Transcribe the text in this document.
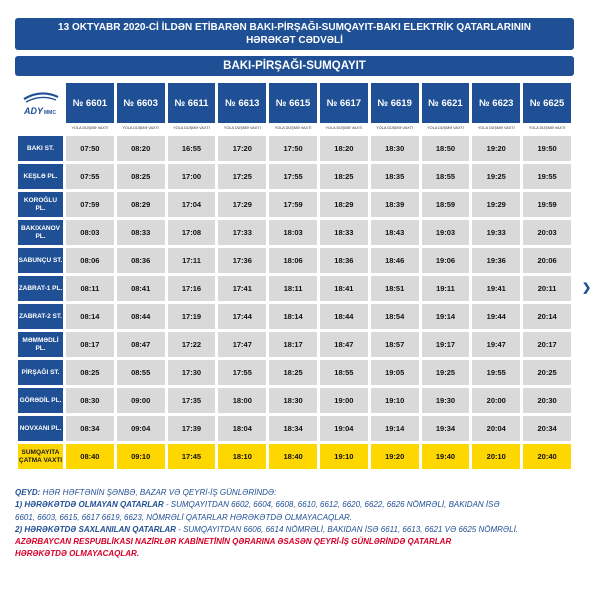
13 OKTYABR 2020-Cİ İLDƏN ETİBARƏN BAKI-PİRŞAĞI-SUMQAYIT-BAKI ELEKTRİK QATARLARININ
HƏRƏKƏT CƏDVƏLİ
BAKI-PİRŞAĞI-SUMQAYIT
ADY MMC	№ 6601	№ 6603	№ 6611	№ 6613	№ 6615	№ 6617	№ 6619	№ 6621	№ 6623	№ 6625
	YOLA DÜŞMƏ VAXTI	YOLA DÜŞMƏ VAXTI	YOLA DÜŞMƏ VAXTI	YOLA DÜŞMƏ VAXTI	YOLA DÜŞMƏ VAXTI	YOLA DÜŞMƏ VAXTI	YOLA DÜŞMƏ VAXTI	YOLA DÜŞMƏ VAXTI	YOLA DÜŞMƏ VAXTI	YOLA DÜŞMƏ VAXTI

BAKI ST.	07:50	08:20	16:55	17:20	17:50	18:20	18:30	18:50	19:20	19:50

KEŞLƏ PL.	07:55	08:25	17:00	17:25	17:55	18:25	18:35	18:55	19:25	19:55

KOROĞLU PL.	07:59	08:29	17:04	17:29	17:59	18:29	18:39	18:59	19:29	19:59

BAKIXANOV PL.	08:03	08:33	17:08	17:33	18:03	18:33	18:43	19:03	19:33	20:03

SABUNÇU ST.	08:06	08:36	17:11	17:36	18:06	18:36	18:46	19:06	19:36	20:06

ZABRAT-1 PL.	08:11	08:41	17:16	17:41	18:11	18:41	18:51	19:11	19:41	20:11

ZABRAT-2 ST.	08:14	08:44	17:19	17:44	18:14	18:44	18:54	19:14	19:44	20:14

MƏMMƏDLİ PL.	08:17	08:47	17:22	17:47	18:17	18:47	18:57	19:17	19:47	20:17

PİRŞAĞI ST.	08:25	08:55	17:30	17:55	18:25	18:55	19:05	19:25	19:55	20:25

GÖRƏDİL PL.	08:30	09:00	17:35	18:00	18:30	19:00	19:10	19:30	20:00	20:30

NOVXANI PL.	08:34	09:04	17:39	18:04	18:34	19:04	19:14	19:34	20:04	20:34

SUMQAYITA ÇATMA VAXTI	08:40	09:10	17:45	18:10	18:40	19:10	19:20	19:40	20:10	20:40
QEYD: HƏR HƏFTƏNİN ŞƏNBƏ, BAZAR VƏ QEYRİ-İŞ GÜNLƏRİNDƏ:
1) HƏRƏKƏTDƏ OLMAYAN QATARLAR - SUMQAYITDAN 6602, 6604, 6608, 6610, 6612, 6620, 6622, 6626 NÖMRƏLİ, BAKIDAN İSƏ
6601, 6603, 6615, 6617 6619, 6623, NÖMRƏLİ QATARLAR HƏRƏKƏTDƏ OLMAYACAQLAR.
2) HƏRƏKƏTDƏ SAXLANILAN QATARLAR - SUMQAYITDAN 6606, 6614 NÖMRƏLİ, BAKIDAN İSƏ 6611, 6613, 6621 VƏ 6625 NÖMRƏLİ.
AZƏRBAYCAN RESPUBLİKASI NAZİRLƏR KABİNETİNİN QƏRARINA ƏSASƏN QEYRİ-İŞ GÜNLƏRİNDƏ QATARLAR
HƏRƏKƏTDƏ OLMAYACAQLAR.
❯
